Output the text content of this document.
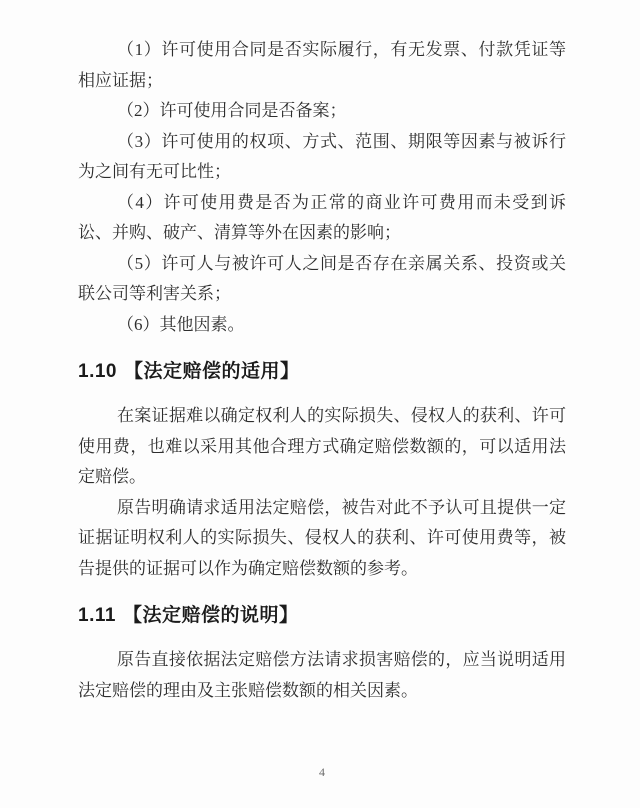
（1）许可使用合同是否实际履行，有无发票、付款凭证等相应证据；

（2）许可使用合同是否备案；

（3）许可使用的权项、方式、范围、期限等因素与被诉行为之间有无可比性；

（4）许可使用费是否为正常的商业许可费用而未受到诉讼、并购、破产、清算等外在因素的影响；

（5）许可人与被许可人之间是否存在亲属关系、投资或关联公司等利害关系；

（6）其他因素。

1.10 【法定赔偿的适用】

在案证据难以确定权利人的实际损失、侵权人的获利、许可使用费，也难以采用其他合理方式确定赔偿数额的，可以适用法定赔偿。

原告明确请求适用法定赔偿，被告对此不予认可且提供一定证据证明权利人的实际损失、侵权人的获利、许可使用费等，被告提供的证据可以作为确定赔偿数额的参考。

1.11 【法定赔偿的说明】

原告直接依据法定赔偿方法请求损害赔偿的，应当说明适用法定赔偿的理由及主张赔偿数额的相关因素。

4
